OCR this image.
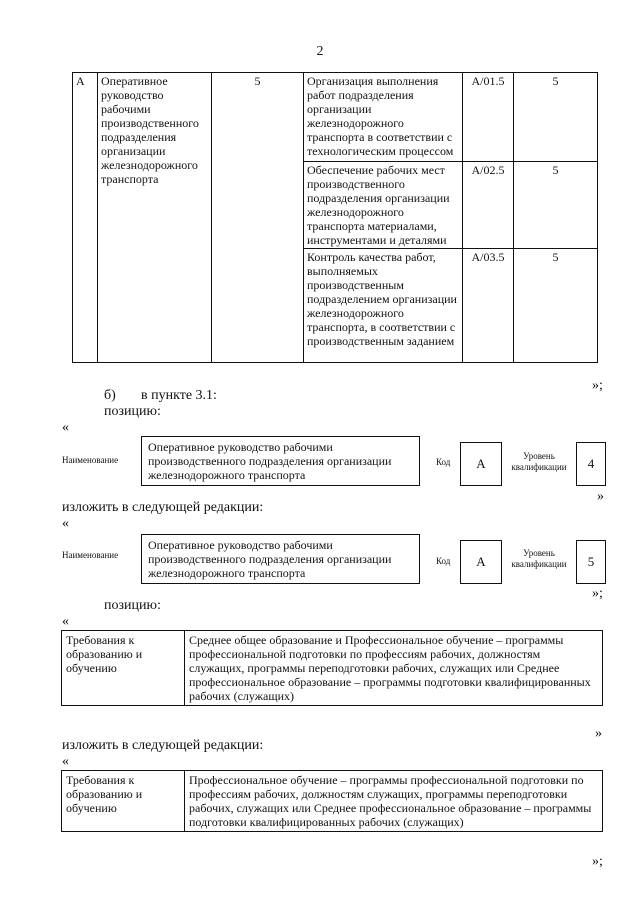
2
А	Оперативное руководство рабочими производственного подразделения организации железнодорожного транспорта	5	Организация выполнения работ подразделения организации железнодорожного транспорта в соответствии с технологическим процессом	А/01.5	5
			Обеспечение рабочих мест производственного подразделения организации железнодорожного транспорта материалами, инструментами и деталями	А/02.5	5
			Контроль качества работ, выполняемых производственным подразделением организации железнодорожного транспорта, в соответствии с производственным заданием	А/03.5	5
»;
б) в пункте 3.1:
позицию:
«
Наименование
Оперативное руководство рабочими производственного подразделения организации железнодорожного транспорта
Код	А	Уровень квалификации	4
»
изложить в следующей редакции:
«
Наименование
Оперативное руководство рабочими производственного подразделения организации железнодорожного транспорта
Код	А
Уровень квалификации	5
»;
позицию:
«
Требования к образованию и обучению	Среднее общее образование и Профессиональное обучение – программы профессиональной подготовки по профессиям рабочих, должностям служащих, программы переподготовки рабочих, служащих или Среднее профессиональное образование – программы подготовки квалифицированных рабочих (служащих)
»
изложить в следующей редакции:
«
Требования к образованию и обучению	Профессиональное обучение – программы профессиональной подготовки по профессиям рабочих, должностям служащих, программы переподготовки рабочих, служащих или Среднее профессиональное образование – программы подготовки квалифицированных рабочих (служащих)
»;
